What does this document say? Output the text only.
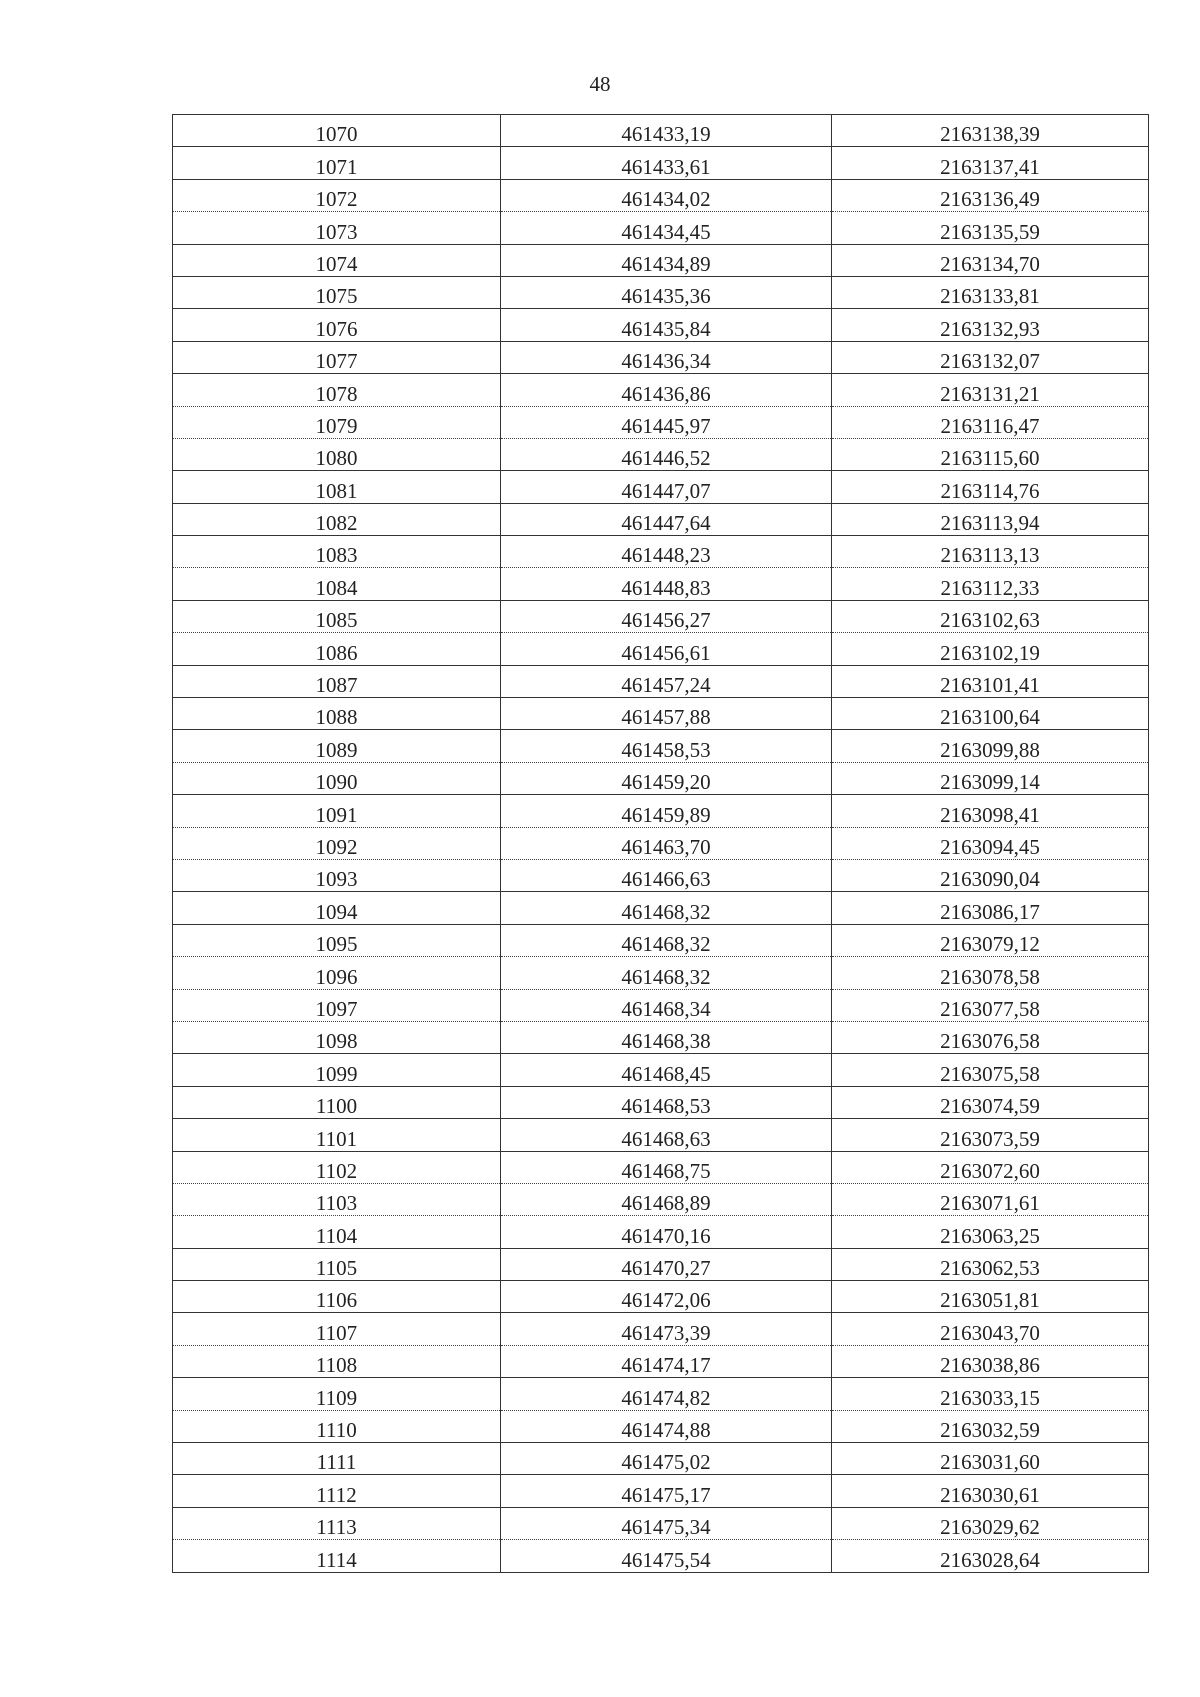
48
1070	461433,19	2163138,39
1071	461433,61	2163137,41
1072	461434,02	2163136,49
1073	461434,45	2163135,59
1074	461434,89	2163134,70
1075	461435,36	2163133,81
1076	461435,84	2163132,93
1077	461436,34	2163132,07
1078	461436,86	2163131,21
1079	461445,97	2163116,47
1080	461446,52	2163115,60
1081	461447,07	2163114,76
1082	461447,64	2163113,94
1083	461448,23	2163113,13
1084	461448,83	2163112,33
1085	461456,27	2163102,63
1086	461456,61	2163102,19
1087	461457,24	2163101,41
1088	461457,88	2163100,64
1089	461458,53	2163099,88
1090	461459,20	2163099,14
1091	461459,89	2163098,41
1092	461463,70	2163094,45
1093	461466,63	2163090,04
1094	461468,32	2163086,17
1095	461468,32	2163079,12
1096	461468,32	2163078,58
1097	461468,34	2163077,58
1098	461468,38	2163076,58
1099	461468,45	2163075,58
1100	461468,53	2163074,59
1101	461468,63	2163073,59
1102	461468,75	2163072,60
1103	461468,89	2163071,61
1104	461470,16	2163063,25
1105	461470,27	2163062,53
1106	461472,06	2163051,81
1107	461473,39	2163043,70
1108	461474,17	2163038,86
1109	461474,82	2163033,15
1110	461474,88	2163032,59
1111	461475,02	2163031,60
1112	461475,17	2163030,61
1113	461475,34	2163029,62
1114	461475,54	2163028,64
